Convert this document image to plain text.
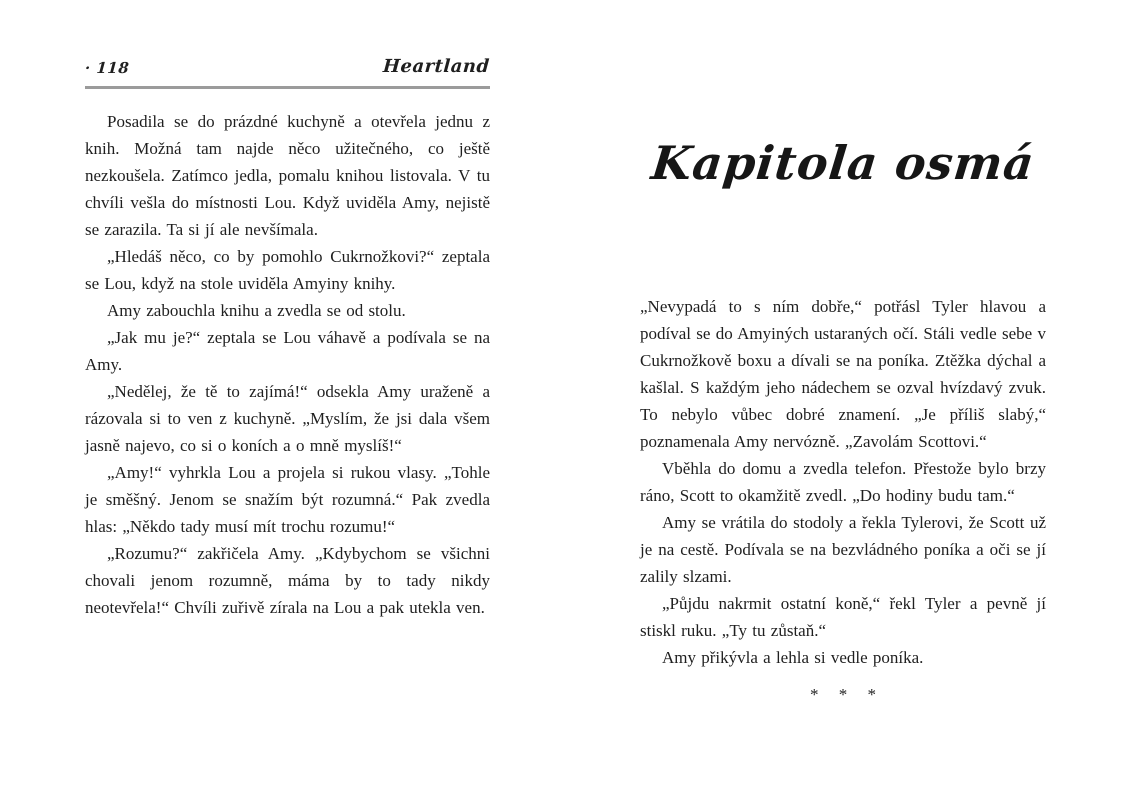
· 118	Heartland

Posadila se do prázdné kuchyně a otevřela jednu z knih. Možná tam najde něco užitečného, co ještě nezkoušela. Zatímco jedla, pomalu knihou listovala. V tu chvíli vešla do místnosti Lou. Když uviděla Amy, nejistě se zarazila. Ta si jí ale nevšímala.

„Hledáš něco, co by pomohlo Cukrnožkovi?“ zeptala se Lou, když na stole uviděla Amyiny knihy.

Amy zabouchla knihu a zvedla se od stolu.

„Jak mu je?“ zeptala se Lou váhavě a podívala se na Amy.

„Nedělej, že tě to zajímá!“ odsekla Amy uraženě a rázovala si to ven z kuchyně. „Myslím, že jsi dala všem jasně najevo, co si o koních a o mně myslíš!“

„Amy!“ vyhrkla Lou a projela si rukou vlasy. „Tohle je směšný. Jenom se snažím být rozumná.“ Pak zvedla hlas: „Někdo tady musí mít trochu rozumu!“

„Rozumu?“ zakřičela Amy. „Kdybychom se všichni chovali jenom rozumně, máma by to tady nikdy neotevřela!“ Chvíli zuřivě zírala na Lou a pak utekla ven.

Kapitola osmá

„Nevypadá to s ním dobře,“ potřásl Tyler hlavou a podíval se do Amyiných ustaraných očí. Stáli vedle sebe v Cukrnožkově boxu a dívali se na poníka. Ztěžka dýchal a kašlal. S každým jeho nádechem se ozval hvízdavý zvuk. To nebylo vůbec dobré znamení. „Je příliš slabý,“ poznamenala Amy nervózně. „Zavolám Scottovi.“

Vběhla do domu a zvedla telefon. Přestože bylo brzy ráno, Scott to okamžitě zvedl. „Do hodiny budu tam.“

Amy se vrátila do stodoly a řekla Tylerovi, že Scott už je na cestě. Podívala se na bezvládného poníka a oči se jí zalily slzami.

„Půjdu nakrmit ostatní koně,“ řekl Tyler a pevně jí stiskl ruku. „Ty tu zůstaň.“

Amy přikývla a lehla si vedle poníka.

* * *
